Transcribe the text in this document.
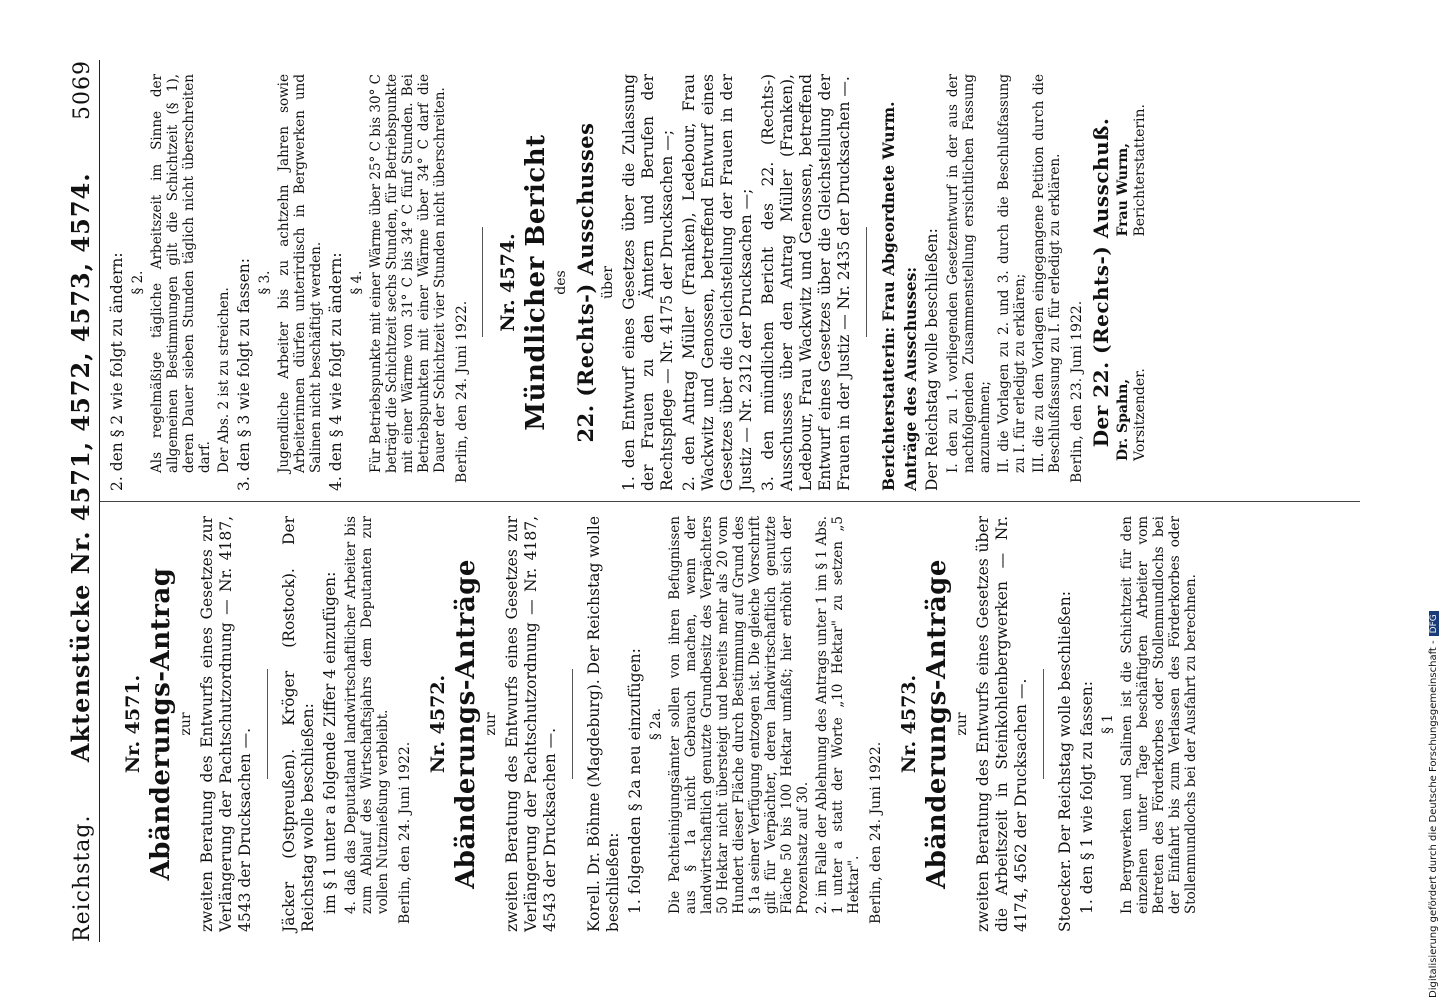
Reichstag.
Aktenstücke Nr. 4571, 4572, 4573, 4574.
5069
Nr. 4571. Abänderungs-Antrag zur zweiten Beratung des Entwurfs eines Gesetzes zur Verlängerung der Pachtschutzordnung — Nr. 4187, 4543 der Drucksachen —. Jäcker (Ostpreußen). Kröger (Rostock). Der Reichstag wolle beschließen: im § 1 unter a folgende Ziffer 4 einzufügen: 4. daß das Deputatland landwirtschaftlicher Arbeiter bis zum Ablauf des Wirtschaftsjahrs dem Deputanten zur vollen Nutznießung verbleibt. Berlin, den 24. Juni 1922.

Nr. 4572. Abänderungs-Anträge zur zweiten Beratung des Entwurfs eines Gesetzes zur Verlängerung der Pachtschutzordnung — Nr. 4187, 4543 der Drucksachen —. Korell. Dr. Böhme (Magdeburg). Der Reichstag wolle beschließen: 1. folgenden § 2a neu einzufügen: § 2a. Die Pachteinigungsämter sollen von ihren Befugnissen aus § 1a nicht Gebrauch machen, wenn der landwirtschaftlich genutzte Grundbesitz des Verpächters 50 Hektar nicht übersteigt und bereits mehr als 20 vom Hundert dieser Fläche durch Bestimmung auf Grund des § 1a seiner Verfügung entzogen ist. Die gleiche Vorschrift gilt für Verpächter, deren landwirtschaftlich genutzte Fläche 50 bis 100 Hektar umfaßt; hier erhöht sich der Prozentsatz auf 30. 2. im Falle der Ablehnung des Antrags unter 1 im § 1 Abs. 1 unter a statt der Worte „10 Hektar" zu setzen „5 Hektar". Berlin, den 24. Juni 1922.

Nr. 4573. Abänderungs-Anträge zur zweiten Beratung des Entwurfs eines Gesetzes über die Arbeitszeit in Steinkohlenbergwerken — Nr. 4174, 4562 der Drucksachen —. Stoecker. Der Reichstag wolle beschließen: 1. den § 1 wie folgt zu fassen: § 1 In Bergwerken und Salinen ist die Schichtzeit für den einzelnen unter Tage beschäftigten Arbeiter vom Betreten des Förderkorbes oder Stollenmundlochs bei der Einfahrt bis zum Verlassen des Förderkorbes oder Stollenmundlochs bei der Ausfahrt zu berechnen.

2. den § 2 wie folgt zu ändern: § 2. Als regelmäßige tägliche Arbeitszeit im Sinne der allgemeinen Bestimmungen gilt die Schichtzeit (§ 1), deren Dauer sieben Stunden täglich nicht überschreiten darf. Der Abs. 2 ist zu streichen. 3. den § 3 wie folgt zu fassen: § 3. Jugendliche Arbeiter bis zu achtzehn Jahren sowie Arbeiterinnen dürfen unterirdisch in Bergwerken und Salinen nicht beschäftigt werden. 4. den § 4 wie folgt zu ändern: § 4. Für Betriebspunkte mit einer Wärme über 25° C bis 30° C beträgt die Schichtzeit sechs Stunden, für Betriebspunkte mit einer Wärme von 31° C bis 34° C fünf Stunden. Bei Betriebspunkten mit einer Wärme über 34° C darf die Dauer der Schichtzeit vier Stunden nicht überschreiten. Berlin, den 24. Juni 1922.

Nr. 4574. Mündlicher Bericht des 22. (Rechts-) Ausschusses über 1. den Entwurf eines Gesetzes über die Zulassung der Frauen zu den Ämtern und Berufen der Rechtspflege — Nr. 4175 der Drucksachen —; 2. den Antrag Müller (Franken), Ledebour, Frau Wackwitz und Genossen, betreffend Entwurf eines Gesetzes über die Gleichstellung der Frauen in der Justiz — Nr. 2312 der Drucksachen —; 3. den mündlichen Bericht des 22. (Rechts-) Ausschusses über den Antrag Müller (Franken), Ledebour, Frau Wackwitz und Genossen, betreffend Entwurf eines Gesetzes über die Gleichstellung der Frauen in der Justiz — Nr. 2435 der Drucksachen —. Berichterstatterin: Frau Abgeordnete Wurm. Anträge des Ausschusses: Der Reichstag wolle beschließen: I. den zu 1. vorliegenden Gesetzentwurf in der aus der nachfolgenden Zusammenstellung ersichtlichen Fassung anzunehmen; II. die Vorlagen zu 2. und 3. durch die Beschlußfassung zu I. für erledigt zu erklären; III. die zu den Vorlagen eingegangene Petition durch die Beschlußfassung zu I. für erledigt zu erklären. Berlin, den 23. Juni 1922. Der 22. (Rechts-) Ausschuß. Dr. Spahn, Vorsitzender.
Frau Wurm, Berichterstatterin.
Digitalisierung gefördert durch die Deutsche Forschungsgemeinschaft -DFG
